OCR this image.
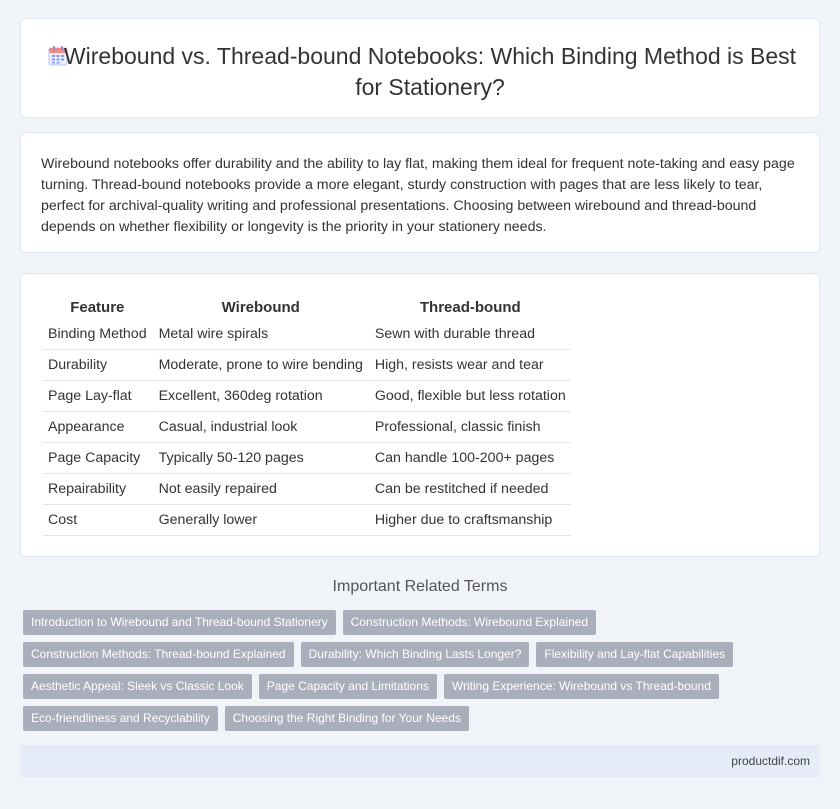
Wirebound vs. Thread-bound Notebooks: Which Binding Method is Best for Stationery?

Wirebound notebooks offer durability and the ability to lay flat, making them ideal for frequent note-taking and easy page turning. Thread-bound notebooks provide a more elegant, sturdy construction with pages that are less likely to tear, perfect for archival-quality writing and professional presentations. Choosing between wirebound and thread-bound depends on whether flexibility or longevity is the priority in your stationery needs.

Feature	Wirebound	Thread-bound
Binding Method	Metal wire spirals	Sewn with durable thread
Durability	Moderate, prone to wire bending	High, resists wear and tear
Page Lay-flat	Excellent, 360deg rotation	Good, flexible but less rotation
Appearance	Casual, industrial look	Professional, classic finish
Page Capacity	Typically 50-120 pages	Can handle 100-200+ pages
Repairability	Not easily repaired	Can be restitched if needed
Cost	Generally lower	Higher due to craftsmanship
Important Related Terms
Introduction to Wirebound and Thread-bound Stationery	Construction Methods: Wirebound Explained
Construction Methods: Thread-bound Explained	Durability: Which Binding Lasts Longer?	Flexibility and Lay-flat Capabilities
Aesthetic Appeal: Sleek vs Classic Look	Page Capacity and Limitations	Writing Experience: Wirebound vs Thread-bound
Eco-friendliness and Recyclability	Choosing the Right Binding for Your Needs
productdif.com
